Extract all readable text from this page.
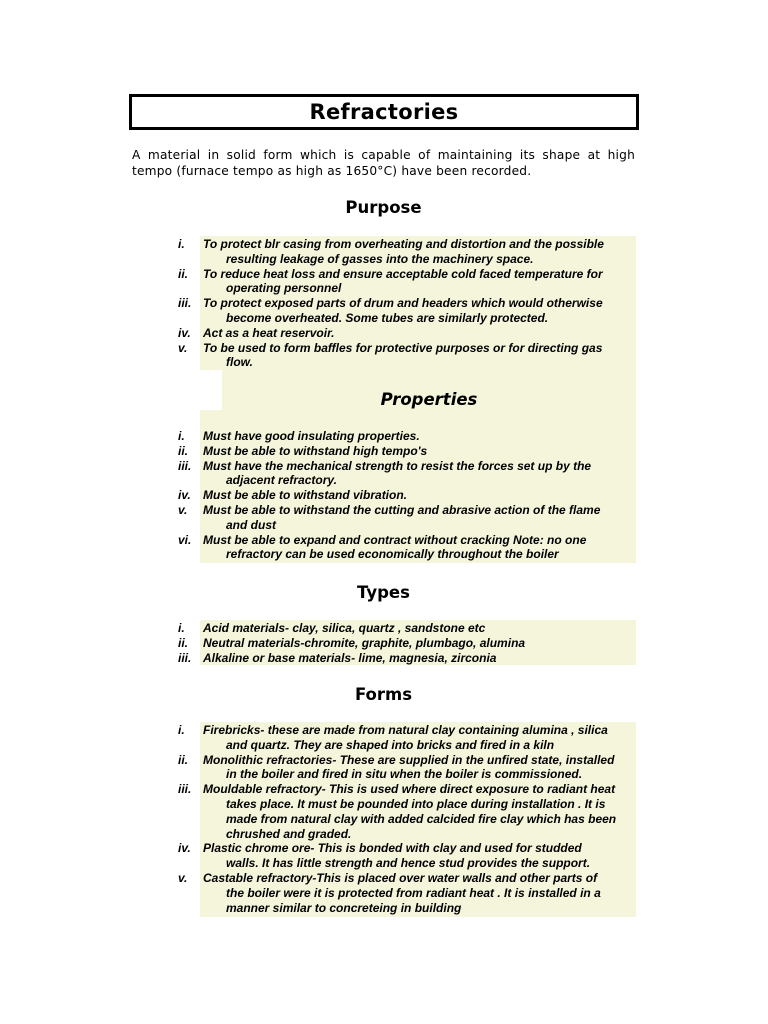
Refractories
A material in solid form which is capable of maintaining its shape at high tempo (furnace tempo as high as 1650°C) have been recorded.
Purpose
i.	To protect blr casing from overheating and distortion and the possible
resulting leakage of gasses into the machinery space.
ii.	To reduce heat loss and ensure acceptable cold faced temperature for
operating personnel
iii. To protect exposed parts of drum and headers which would otherwise
become overheated. Some tubes are similarly protected.
iv.	Act as a heat reservoir.
v.	To be used to form baffles for protective purposes or for directing gas
flow.
Properties
i.	Must have good insulating properties.
ii.	Must be able to withstand high tempo's
iii. Must have the mechanical strength to resist the forces set up by the
adjacent refractory.
iv.	Must be able to withstand vibration.
v.	Must be able to withstand the cutting and abrasive action of the flame
and dust
vi. Must be able to expand and contract without cracking Note: no one
refractory can be used economically throughout the boiler
Types
i.	Acid materials- clay, silica, quartz , sandstone etc
ii.	Neutral materials-chromite, graphite, plumbago, alumina
iii. Alkaline or base materials- lime, magnesia, zirconia
Forms
i.	Firebricks- these are made from natural clay containing alumina , silica
and quartz. They are shaped into bricks and fired in a kiln
ii.	Monolithic refractories- These are supplied in the unfired state, installed
in the boiler and fired in situ when the boiler is commissioned.
iii. Mouldable refractory- This is used where direct exposure to radiant heat
takes place. It must be pounded into place during installation . It is
made from natural clay with added calcided fire clay which has been
chrushed and graded.
iv.	Plastic chrome ore- This is bonded with clay and used for studded
walls. It has little strength and hence stud provides the support.
v.	Castable refractory-This is placed over water walls and other parts of
the boiler were it is protected from radiant heat . It is installed in a
manner similar to concreteing in building
